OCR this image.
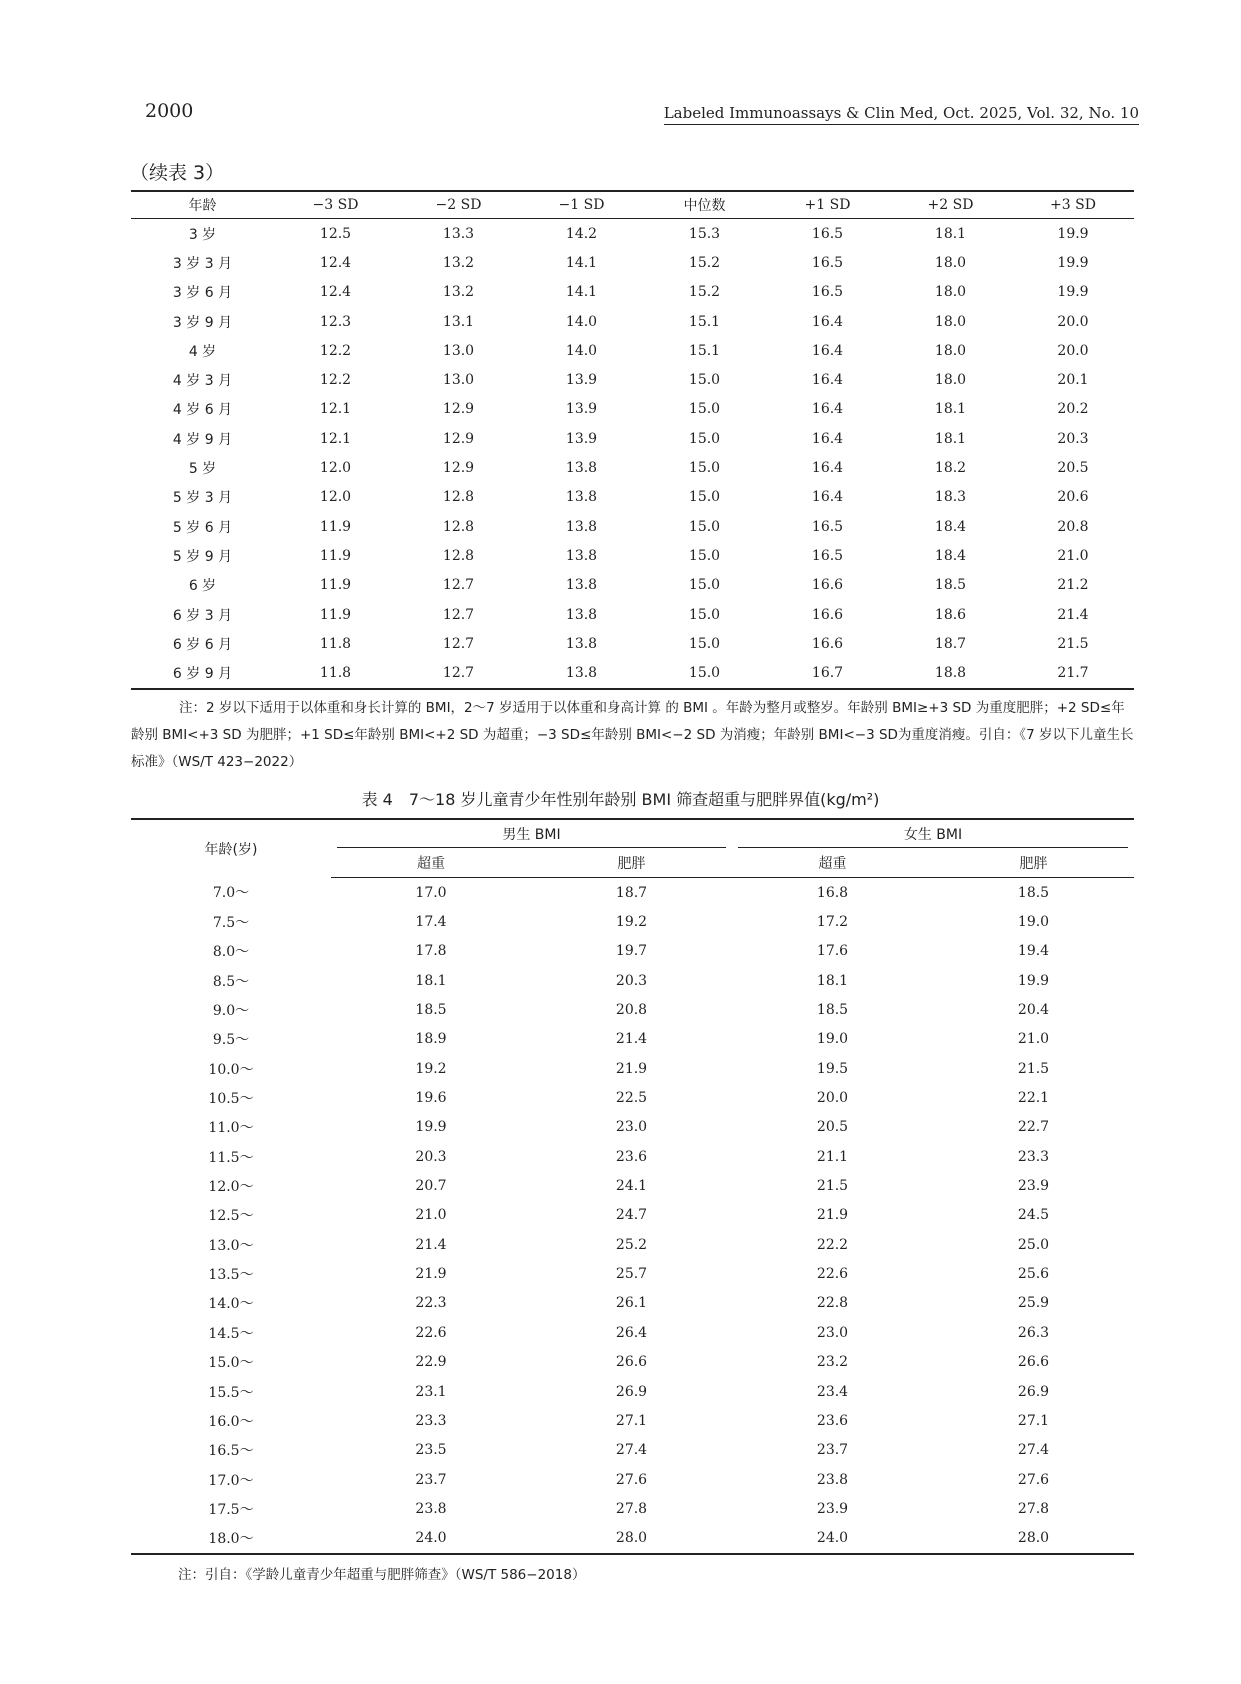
2000	Labeled Immunoassays & Clin Med, Oct. 2025, Vol. 32, No. 10
（续表 3）
年龄	−3 SD	−2 SD	−1 SD	中位数	+1 SD	+2 SD	+3 SD
3 岁	12.5	13.3	14.2	15.3	16.5	18.1	19.9
3 岁 3 月	12.4	13.2	14.1	15.2	16.5	18.0	19.9
3 岁 6 月	12.4	13.2	14.1	15.2	16.5	18.0	19.9
3 岁 9 月	12.3	13.1	14.0	15.1	16.4	18.0	20.0
4 岁	12.2	13.0	14.0	15.1	16.4	18.0	20.0
4 岁 3 月	12.2	13.0	13.9	15.0	16.4	18.0	20.1
4 岁 6 月	12.1	12.9	13.9	15.0	16.4	18.1	20.2
4 岁 9 月	12.1	12.9	13.9	15.0	16.4	18.1	20.3
5 岁	12.0	12.9	13.8	15.0	16.4	18.2	20.5
5 岁 3 月	12.0	12.8	13.8	15.0	16.4	18.3	20.6
5 岁 6 月	11.9	12.8	13.8	15.0	16.5	18.4	20.8
5 岁 9 月	11.9	12.8	13.8	15.0	16.5	18.4	21.0
6 岁	11.9	12.7	13.8	15.0	16.6	18.5	21.2
6 岁 3 月	11.9	12.7	13.8	15.0	16.6	18.6	21.4
6 岁 6 月	11.8	12.7	13.8	15.0	16.6	18.7	21.5
6 岁 9 月	11.8	12.7	13.8	15.0	16.7	18.8	21.7
注：2 岁以下适用于以体重和身长计算的 BMI，2～7 岁适用于以体重和身高计算 的 BMI 。年龄为整月或整岁。年龄别 BMI≥+3 SD 为重度肥胖；+2 SD≤年龄别 BMI<+3 SD 为肥胖；+1 SD≤年龄别 BMI<+2 SD 为超重；−3 SD≤年龄别 BMI<−2 SD 为消瘦；年龄别 BMI<−3 SD为重度消瘦。引自：《7 岁以下儿童生长标准》（WS/T 423−2022）
表 4　7～18 岁儿童青少年性别年龄别 BMI 筛查超重与肥胖界值(kg/m²)
年龄(岁)	男生 BMI		女生 BMI	
	超重	肥胖	超重	肥胖
7.0～	17.0	18.7	16.8	18.5
7.5～	17.4	19.2	17.2	19.0
8.0～	17.8	19.7	17.6	19.4
8.5～	18.1	20.3	18.1	19.9
9.0～	18.5	20.8	18.5	20.4
9.5～	18.9	21.4	19.0	21.0
10.0～	19.2	21.9	19.5	21.5
10.5～	19.6	22.5	20.0	22.1
11.0～	19.9	23.0	20.5	22.7
11.5～	20.3	23.6	21.1	23.3
12.0～	20.7	24.1	21.5	23.9
12.5～	21.0	24.7	21.9	24.5
13.0～	21.4	25.2	22.2	25.0
13.5～	21.9	25.7	22.6	25.6
14.0～	22.3	26.1	22.8	25.9
14.5～	22.6	26.4	23.0	26.3
15.0～	22.9	26.6	23.2	26.6
15.5～	23.1	26.9	23.4	26.9
16.0～	23.3	27.1	23.6	27.1
16.5～	23.5	27.4	23.7	27.4
17.0～	23.7	27.6	23.8	27.6
17.5～	23.8	27.8	23.9	27.8
18.0～	24.0	28.0	24.0	28.0
注：引自：《学龄儿童青少年超重与肥胖筛查》（WS/T 586−2018）
